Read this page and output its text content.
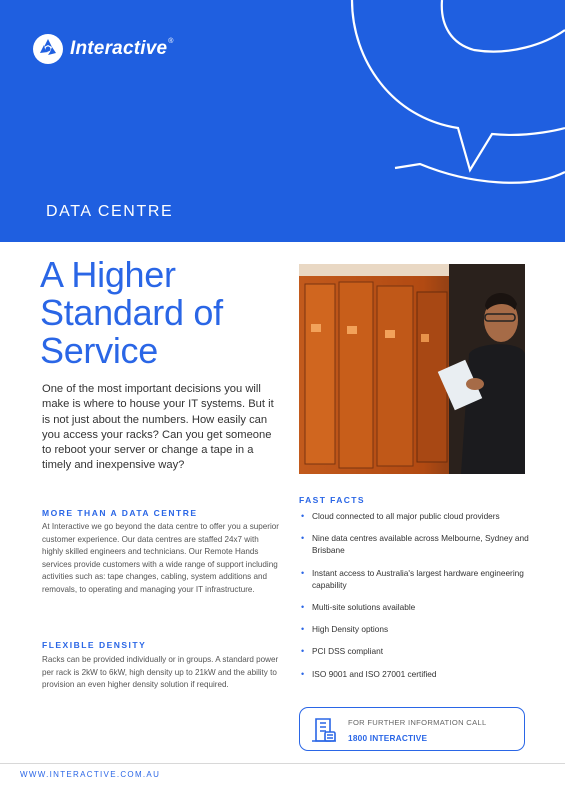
Interactive ®
DATA CENTRE
A Higher Standard of Service

One of the most important decisions you will make is where to house your IT systems. But it is not just about the numbers. How easily can you access your racks? Can you get someone to reboot your server or change a tape in a timely and inexpensive way?

MORE THAN A DATA CENTRE

At Interactive we go beyond the data centre to offer you a superior customer experience. Our data centres are staffed 24x7 with highly skilled engineers and technicians. Our Remote Hands services provide customers with a wide range of support including activities such as: tape changes, cabling, system additions and removals, to operating and managing your IT infrastructure.

FLEXIBLE DENSITY

Racks can be provided individually or in groups. A standard power per rack is 2kW to 6kW, high density up to 21kW and the ability to provision an even higher density solution if required.

FAST FACTS
• Cloud connected to all major public cloud providers
• Nine data centres available across Melbourne, Sydney and Brisbane
• Instant access to Australia's largest hardware engineering capability
• Multi-site solutions available
• High Density options
• PCI DSS compliant
• ISO 9001 and ISO 27001 certified
FOR FURTHER INFORMATION CALL
1800 INTERACTIVE
WWW.INTERACTIVE.COM.AU
